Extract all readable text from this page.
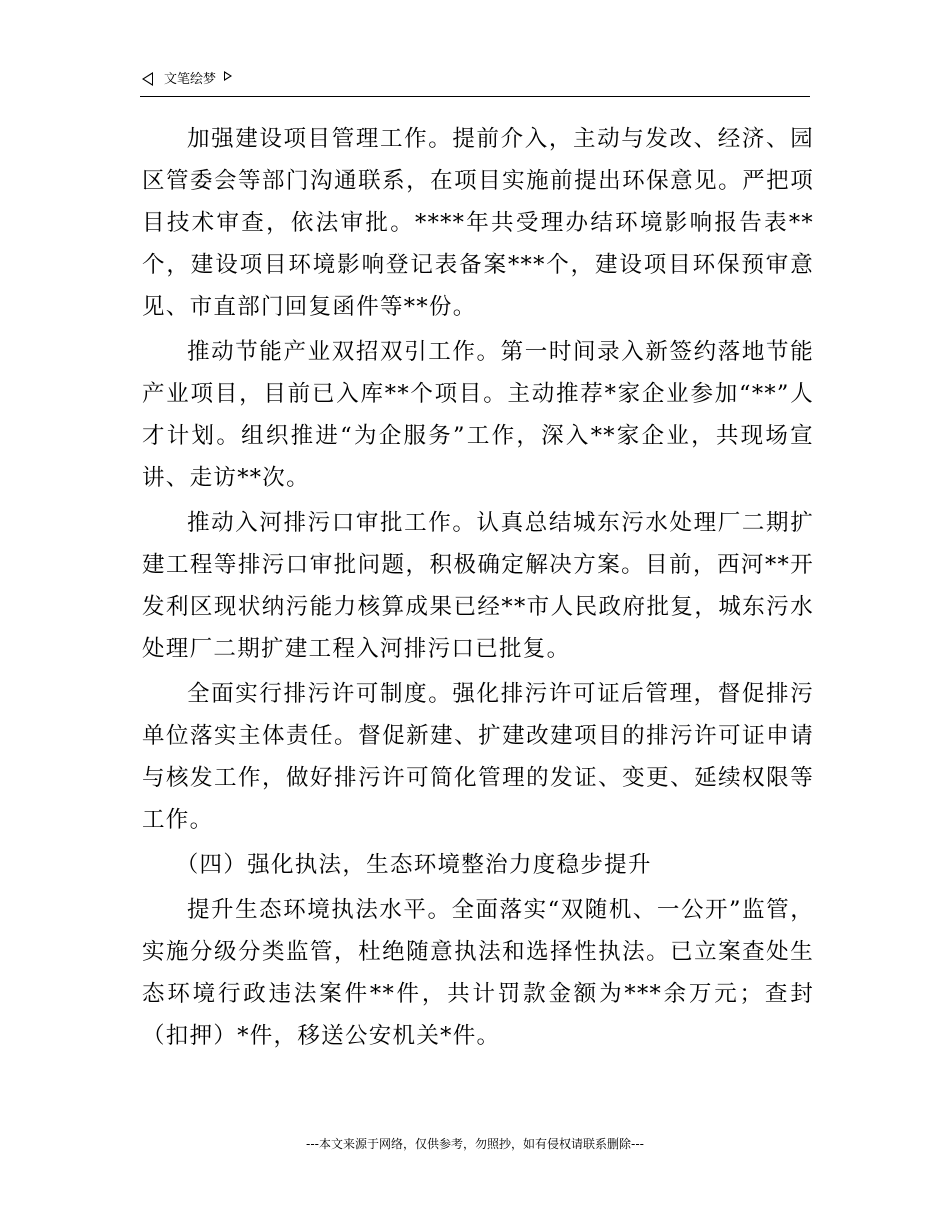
文笔绘梦

加强建设项目管理工作。提前介入，主动与发改、经济、园区管委会等部门沟通联系，在项目实施前提出环保意见。严把项目技术审查，依法审批。****年共受理办结环境影响报告表**个，建设项目环境影响登记表备案***个，建设项目环保预审意见、市直部门回复函件等**份。

推动节能产业双招双引工作。第一时间录入新签约落地节能产业项目，目前已入库**个项目。主动推荐*家企业参加“**”人才计划。组织推进“为企服务”工作，深入**家企业，共现场宣讲、走访**次。

推动入河排污口审批工作。认真总结城东污水处理厂二期扩建工程等排污口审批问题，积极确定解决方案。目前，西河**开发利区现状纳污能力核算成果已经**市人民政府批复，城东污水处理厂二期扩建工程入河排污口已批复。

全面实行排污许可制度。强化排污许可证后管理，督促排污单位落实主体责任。督促新建、扩建改建项目的排污许可证申请与核发工作，做好排污许可简化管理的发证、变更、延续权限等工作。

（四）强化执法，生态环境整治力度稳步提升

提升生态环境执法水平。全面落实“双随机、一公开”监管，实施分级分类监管，杜绝随意执法和选择性执法。已立案查处生态环境行政违法案件**件，共计罚款金额为***余万元；查封（扣押）*件，移送公安机关*件。

---本文来源于网络，仅供参考，勿照抄，如有侵权请联系删除---
